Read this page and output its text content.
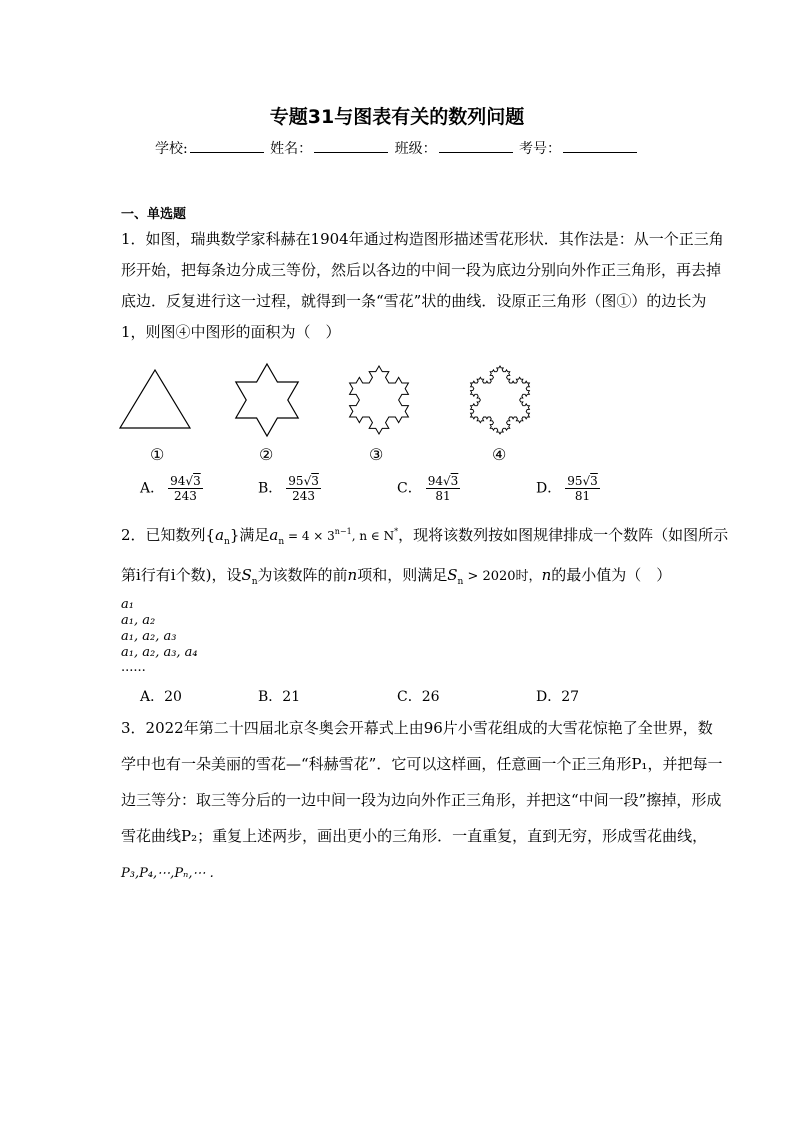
专题31与图表有关的数列问题
学校:	姓名：	班级：	考号：
一、单选题
1．如图，瑞典数学家科赫在1904年通过构造图形描述雪花形状．其作法是：从一个正三角
形开始，把每条边分成三等份，然后以各边的中间一段为底边分别向外作正三角形，再去掉
底边．反复进行这一过程，就得到一条“雪花”状的曲线．设原正三角形（图①）的边长为
1，则图④中图形的面积为（　）
①	②	③	④
A． $\frac{94√3}{243}$	B． $\frac{95√3}{243}$	C． $\frac{94√3}{81}$	D． $\frac{95√3}{81}$
2．已知数列$\{a_n\}$满足$a_n = 4 \times 3^{n-1}$, n ∈ N*，现将该数列按如图规律排成一个数阵（如图所示
第i行有i个数)，设$S_n$为该数阵的前n项和，则满足$S_n > 2020$时，n的最小值为（　）
a₁
a₁, a₂
a₁, a₂, a₃
a₁, a₂, a₃, a₄
......
A．20	B．21	C．26	D．27
3．2022年第二十四届北京冬奥会开幕式上由96片小雪花组成的大雪花惊艳了全世界，数
学中也有一朵美丽的雪花—“科赫雪花”．它可以这样画，任意画一个正三角形P₁，并把每一
边三等分：取三等分后的一边中间一段为边向外作正三角形，并把这“中间一段”擦掉，形成
雪花曲线P₂；重复上述两步，画出更小的三角形．一直重复，直到无穷，形成雪花曲线，
P₃,P₄,⋯,Pₙ,⋯ .
